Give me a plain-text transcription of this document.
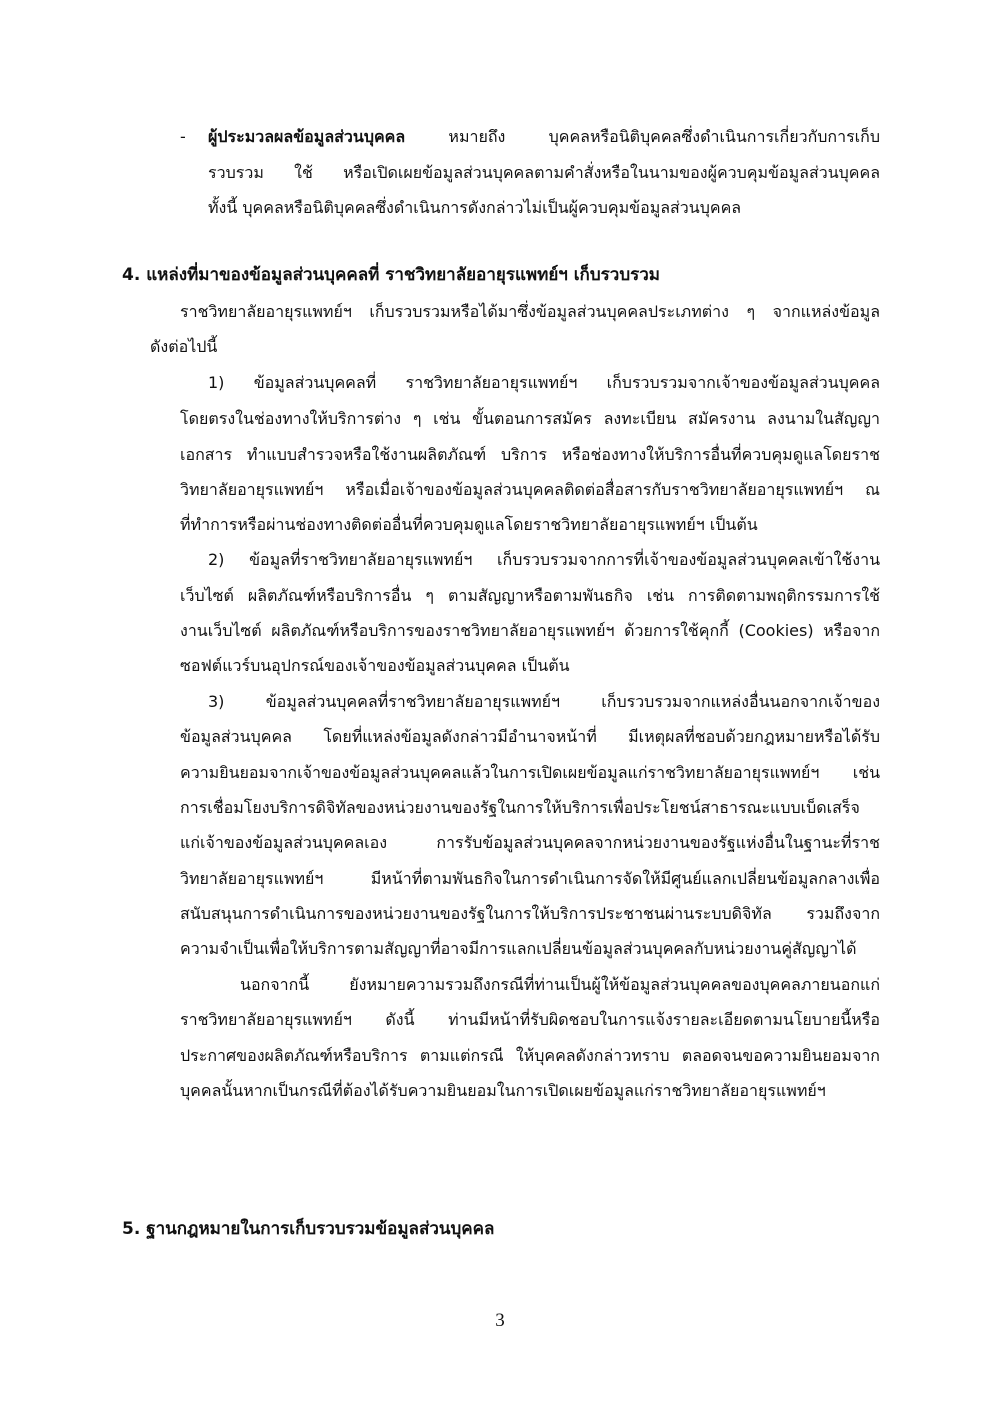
- ผู้ประมวลผลข้อมูลส่วนบุคคล	หมายถึง บุคคลหรือนิติบุคคลซึ่งดำเนินการเกี่ยวกับการเก็บ
รวบรวม ใช้ หรือเปิดเผยข้อมูลส่วนบุคคลตามคำสั่งหรือในนามของผู้ควบคุมข้อมูลส่วนบุคคล
ทั้งนี้ บุคคลหรือนิติบุคคลซึ่งดำเนินการดังกล่าวไม่เป็นผู้ควบคุมข้อมูลส่วนบุคคล
4. แหล่งที่มาของข้อมูลส่วนบุคคลที่ ราชวิทยาลัยอายุรแพทย์ฯ เก็บรวบรวม
ราชวิทยาลัยอายุรแพทย์ฯ เก็บรวบรวมหรือได้มาซึ่งข้อมูลส่วนบุคคลประเภทต่าง ๆ จากแหล่งข้อมูล
ดังต่อไปนี้
1) ข้อมูลส่วนบุคคลที่ ราชวิทยาลัยอายุรแพทย์ฯ เก็บรวบรวมจากเจ้าของข้อมูลส่วนบุคคล
โดยตรงในช่องทางให้บริการต่าง ๆ เช่น ขั้นตอนการสมัคร ลงทะเบียน สมัครงาน ลงนามในสัญญา
เอกสาร ทำแบบสำรวจหรือใช้งานผลิตภัณฑ์ บริการ หรือช่องทางให้บริการอื่นที่ควบคุมดูแลโดยราช
วิทยาลัยอายุรแพทย์ฯ หรือเมื่อเจ้าของข้อมูลส่วนบุคคลติดต่อสื่อสารกับราชวิทยาลัยอายุรแพทย์ฯ ณ
ที่ทำการหรือผ่านช่องทางติดต่ออื่นที่ควบคุมดูแลโดยราชวิทยาลัยอายุรแพทย์ฯ เป็นต้น
2) ข้อมูลที่ราชวิทยาลัยอายุรแพทย์ฯ เก็บรวบรวมจากการที่เจ้าของข้อมูลส่วนบุคคลเข้าใช้งาน
เว็บไซต์ ผลิตภัณฑ์หรือบริการอื่น ๆ ตามสัญญาหรือตามพันธกิจ เช่น การติดตามพฤติกรรมการใช้
งานเว็บไซต์ ผลิตภัณฑ์หรือบริการของราชวิทยาลัยอายุรแพทย์ฯ ด้วยการใช้คุกกี้ (Cookies) หรือจาก
ซอฟต์แวร์บนอุปกรณ์ของเจ้าของข้อมูลส่วนบุคคล เป็นต้น
3) ข้อมูลส่วนบุคคลที่ราชวิทยาลัยอายุรแพทย์ฯ เก็บรวบรวมจากแหล่งอื่นนอกจากเจ้าของ
ข้อมูลส่วนบุคคล โดยที่แหล่งข้อมูลดังกล่าวมีอำนาจหน้าที่ มีเหตุผลที่ชอบด้วยกฎหมายหรือได้รับ
ความยินยอมจากเจ้าของข้อมูลส่วนบุคคลแล้วในการเปิดเผยข้อมูลแก่ราชวิทยาลัยอายุรแพทย์ฯ เช่น
การเชื่อมโยงบริการดิจิทัลของหน่วยงานของรัฐในการให้บริการเพื่อประโยชน์สาธารณะแบบเบ็ดเสร็จ
แก่เจ้าของข้อมูลส่วนบุคคลเอง การรับข้อมูลส่วนบุคคลจากหน่วยงานของรัฐแห่งอื่นในฐานะที่ราช
วิทยาลัยอายุรแพทย์ฯ มีหน้าที่ตามพันธกิจในการดำเนินการจัดให้มีศูนย์แลกเปลี่ยนข้อมูลกลางเพื่อ
สนับสนุนการดำเนินการของหน่วยงานของรัฐในการให้บริการประชาชนผ่านระบบดิจิทัล รวมถึงจาก
ความจำเป็นเพื่อให้บริการตามสัญญาที่อาจมีการแลกเปลี่ยนข้อมูลส่วนบุคคลกับหน่วยงานคู่สัญญาได้
นอกจากนี้ ยังหมายความรวมถึงกรณีที่ท่านเป็นผู้ให้ข้อมูลส่วนบุคคลของบุคคลภายนอกแก่
ราชวิทยาลัยอายุรแพทย์ฯ ดังนี้ ท่านมีหน้าที่รับผิดชอบในการแจ้งรายละเอียดตามนโยบายนี้หรือ
ประกาศของผลิตภัณฑ์หรือบริการ ตามแต่กรณี ให้บุคคลดังกล่าวทราบ ตลอดจนขอความยินยอมจาก
บุคคลนั้นหากเป็นกรณีที่ต้องได้รับความยินยอมในการเปิดเผยข้อมูลแก่ราชวิทยาลัยอายุรแพทย์ฯ
5. ฐานกฎหมายในการเก็บรวบรวมข้อมูลส่วนบุคคล
3
